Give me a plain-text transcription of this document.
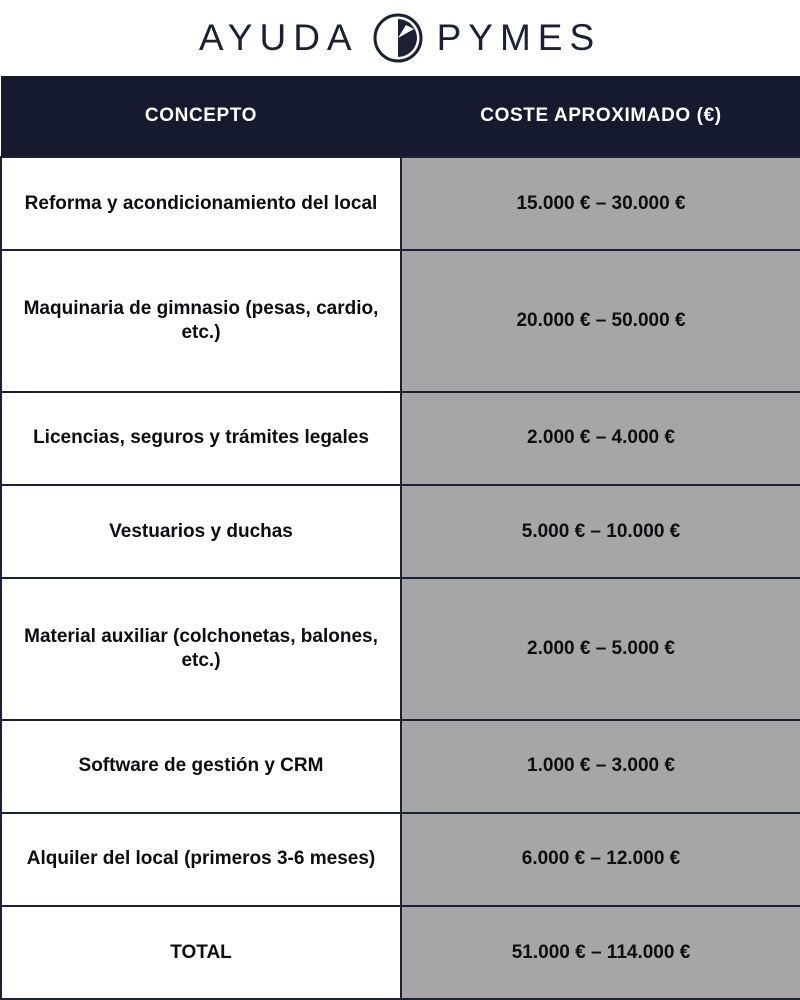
AYUDA PYMES
CONCEPTO	COSTE APROXIMADO (€)
Reforma y acondicionamiento del local	15.000 € – 30.000 €
Maquinaria de gimnasio (pesas, cardio, etc.)	20.000 € – 50.000 €
Licencias, seguros y trámites legales	2.000 € – 4.000 €
Vestuarios y duchas	5.000 € – 10.000 €
Material auxiliar (colchonetas, balones, etc.)	2.000 € – 5.000 €
Software de gestión y CRM	1.000 € – 3.000 €
Alquiler del local (primeros 3-6 meses)	6.000 € – 12.000 €
TOTAL	51.000 € – 114.000 €
